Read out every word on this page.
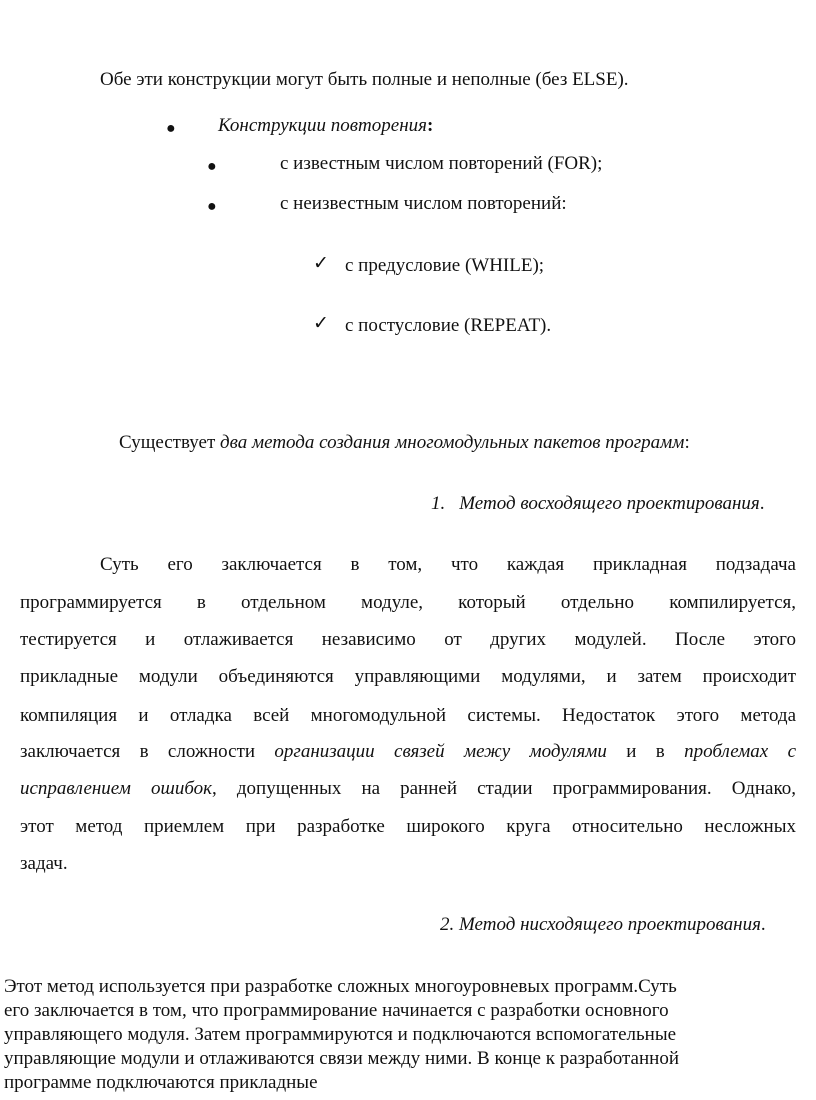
Обе эти конструкции могут быть полные и неполные (без ELSE).
● Конструкции повторения:
●	с известным числом повторений (FOR);
●	с неизвестным числом повторений:
✓ с предусловие (WHILE);
✓ с постусловие (REPEAT).
Существует два метода создания многомодульных пакетов программ:
1. Метод восходящего проектирования.
Суть его заключается в том, что каждая прикладная подзадача
программируется в отдельном модуле, который отдельно компилируется,
тестируется и отлаживается независимо от других модулей. После этого
прикладные модули объединяются управляющими модулями, и затем происходит
компиляция и отладка всей многомодульной системы. Недостаток этого метода
заключается в сложности организации связей межу модулями и в проблемах с
исправлением ошибок, допущенных на ранней стадии программирования. Однако,
этот метод приемлем при разработке широкого круга относительно несложных
задач.
2. Метод нисходящего проектирования.
Этот метод используется при разработке сложных многоуровневых программ.Суть
его заключается в том, что программирование начинается с разработки основного
управляющего модуля. Затем программируются и подключаются вспомогательные
управляющие модули и отлаживаются связи между ними. В конце к разработанной
программе подключаются прикладные
